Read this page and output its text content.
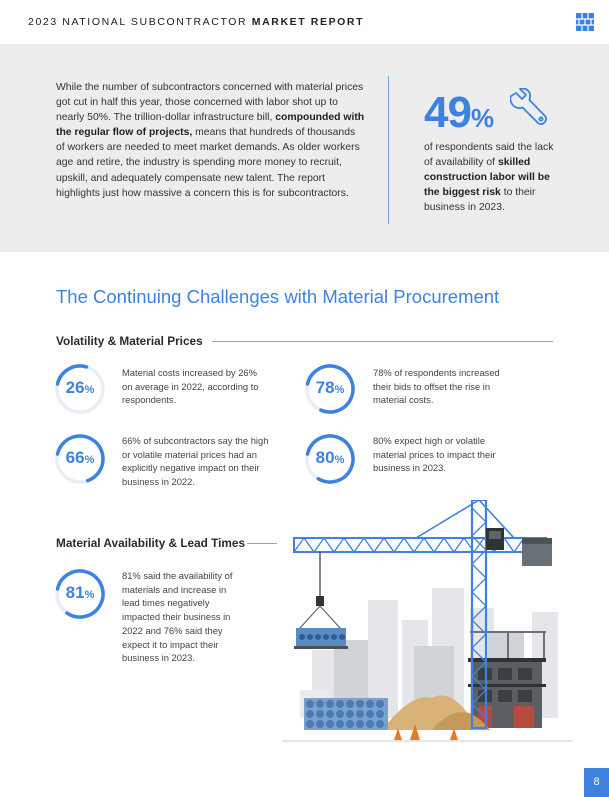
2023 NATIONAL SUBCONTRACTOR MARKET REPORT

While the number of subcontractors concerned with material prices got cut in half this year, those concerned with labor shot up to nearly 50%. The trillion-dollar infrastructure bill, compounded with the regular flow of projects, means that hundreds of thousands of workers are needed to meet market demands. As older workers age and retire, the industry is spending more money to recruit, upskill, and adequately compensate new talent. The report highlights just how massive a concern this is for subcontractors.

49%

of respondents said the lack of availability of skilled construction labor will be the biggest risk to their business in 2023.

The Continuing Challenges with Material Procurement
Volatility & Material Prices
26%

Material costs increased by 26% on average in 2022, according to respondents.

78%

78% of respondents increased their bids to offset the rise in material costs.

66%

66% of subcontractors say the high or volatile material prices had an explicitly negative impact on their business in 2022.

80%

80% expect high or volatile material prices to impact their business in 2023.

Material Availability & Lead Times
81%

81% said the availability of materials and increase in lead times negatively impacted their business in 2022 and 76% said they expect it to impact their business in 2023.

8
